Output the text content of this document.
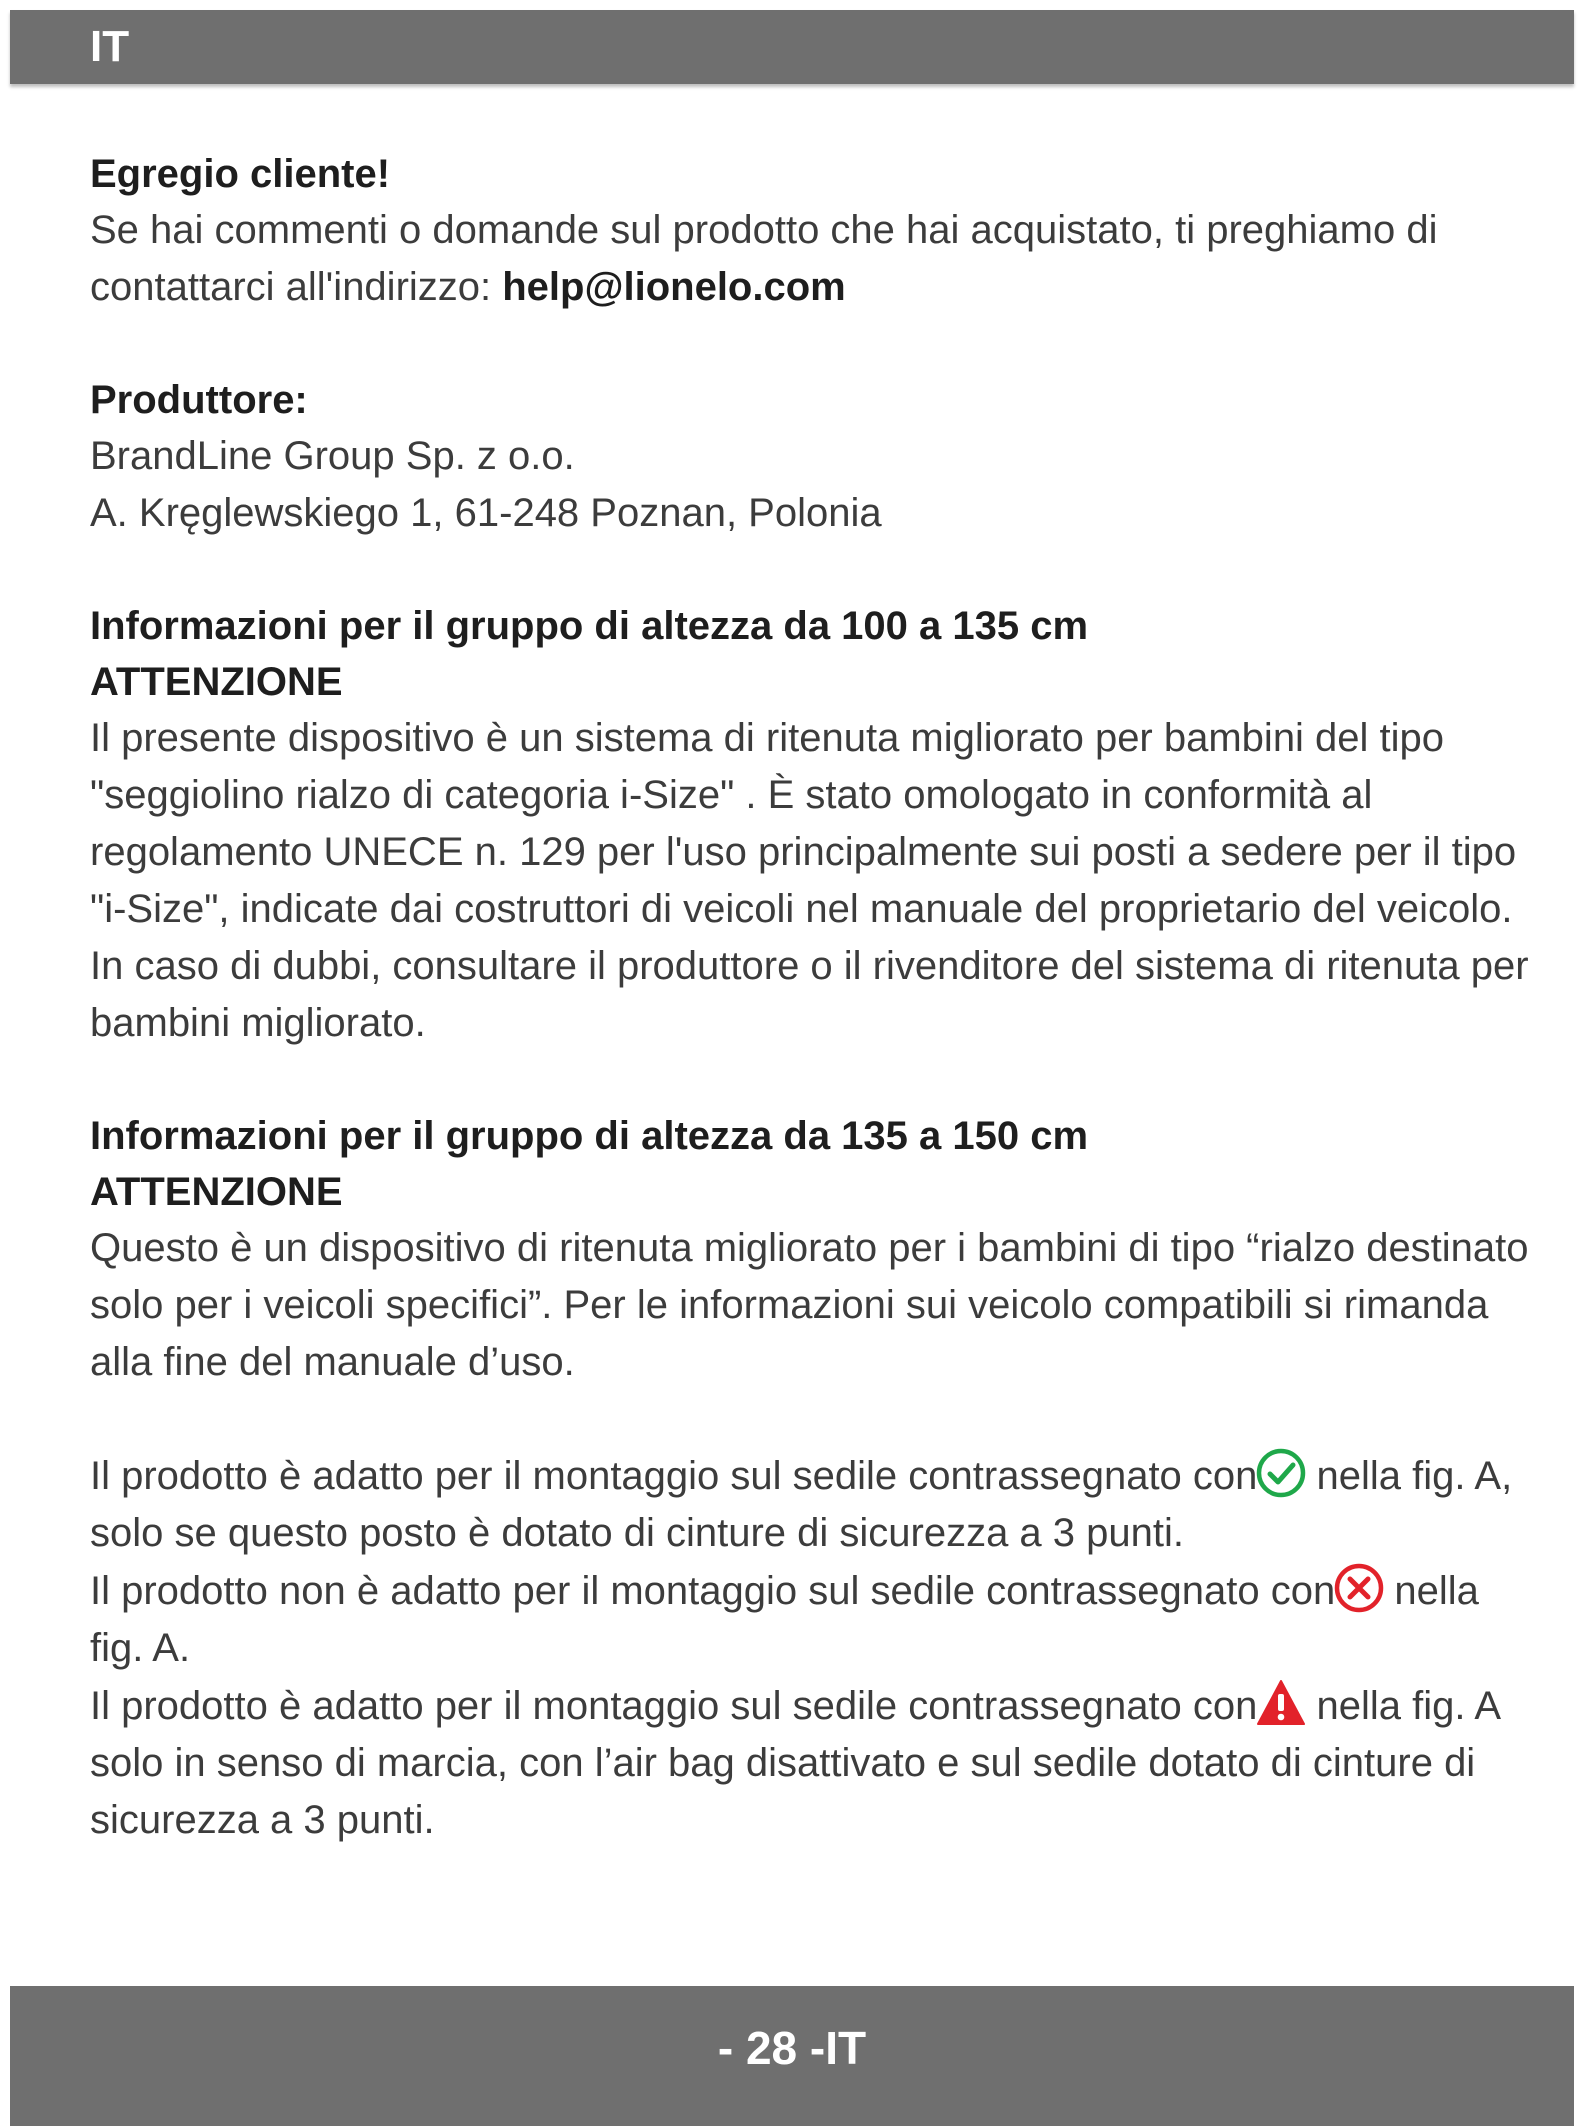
IT

Egregio cliente!

Se hai commenti o domande sul prodotto che hai acquistato, ti preghiamo di contattarci all'indirizzo: help@lionelo.com

Produttore:

BrandLine Group Sp. z o.o.

A. Kręglewskiego 1, 61-248 Poznan, Polonia

Informazioni per il gruppo di altezza da 100 a 135 cm

ATTENZIONE

Il presente dispositivo è un sistema di ritenuta migliorato per bambini del tipo "seggiolino rialzo di categoria i-Size" . È stato omologato in conformità al regolamento UNECE n. 129 per l'uso principalmente sui posti a sedere per il tipo "i-Size", indicate dai costruttori di veicoli nel manuale del proprietario del veicolo.

In caso di dubbi, consultare il produttore o il rivenditore del sistema di ritenuta per bambini migliorato.

Informazioni per il gruppo di altezza da 135 a 150 cm

ATTENZIONE

Questo è un dispositivo di ritenuta migliorato per i bambini di tipo “rialzo destinato solo per i veicoli specifici”. Per le informazioni sui veicolo compatibili si rimanda alla fine del manuale d’uso.

Il prodotto è adatto per il montaggio sul sedile contrassegnato con nella fig. A, solo se questo posto è dotato di cinture di sicurezza a 3 punti.

Il prodotto non è adatto per il montaggio sul sedile contrassegnato con nella fig. A.

Il prodotto è adatto per il montaggio sul sedile contrassegnato con nella fig. A solo in senso di marcia, con l’air bag disattivato e sul sedile dotato di cinture di sicurezza a 3 punti.

- 28 -IT
